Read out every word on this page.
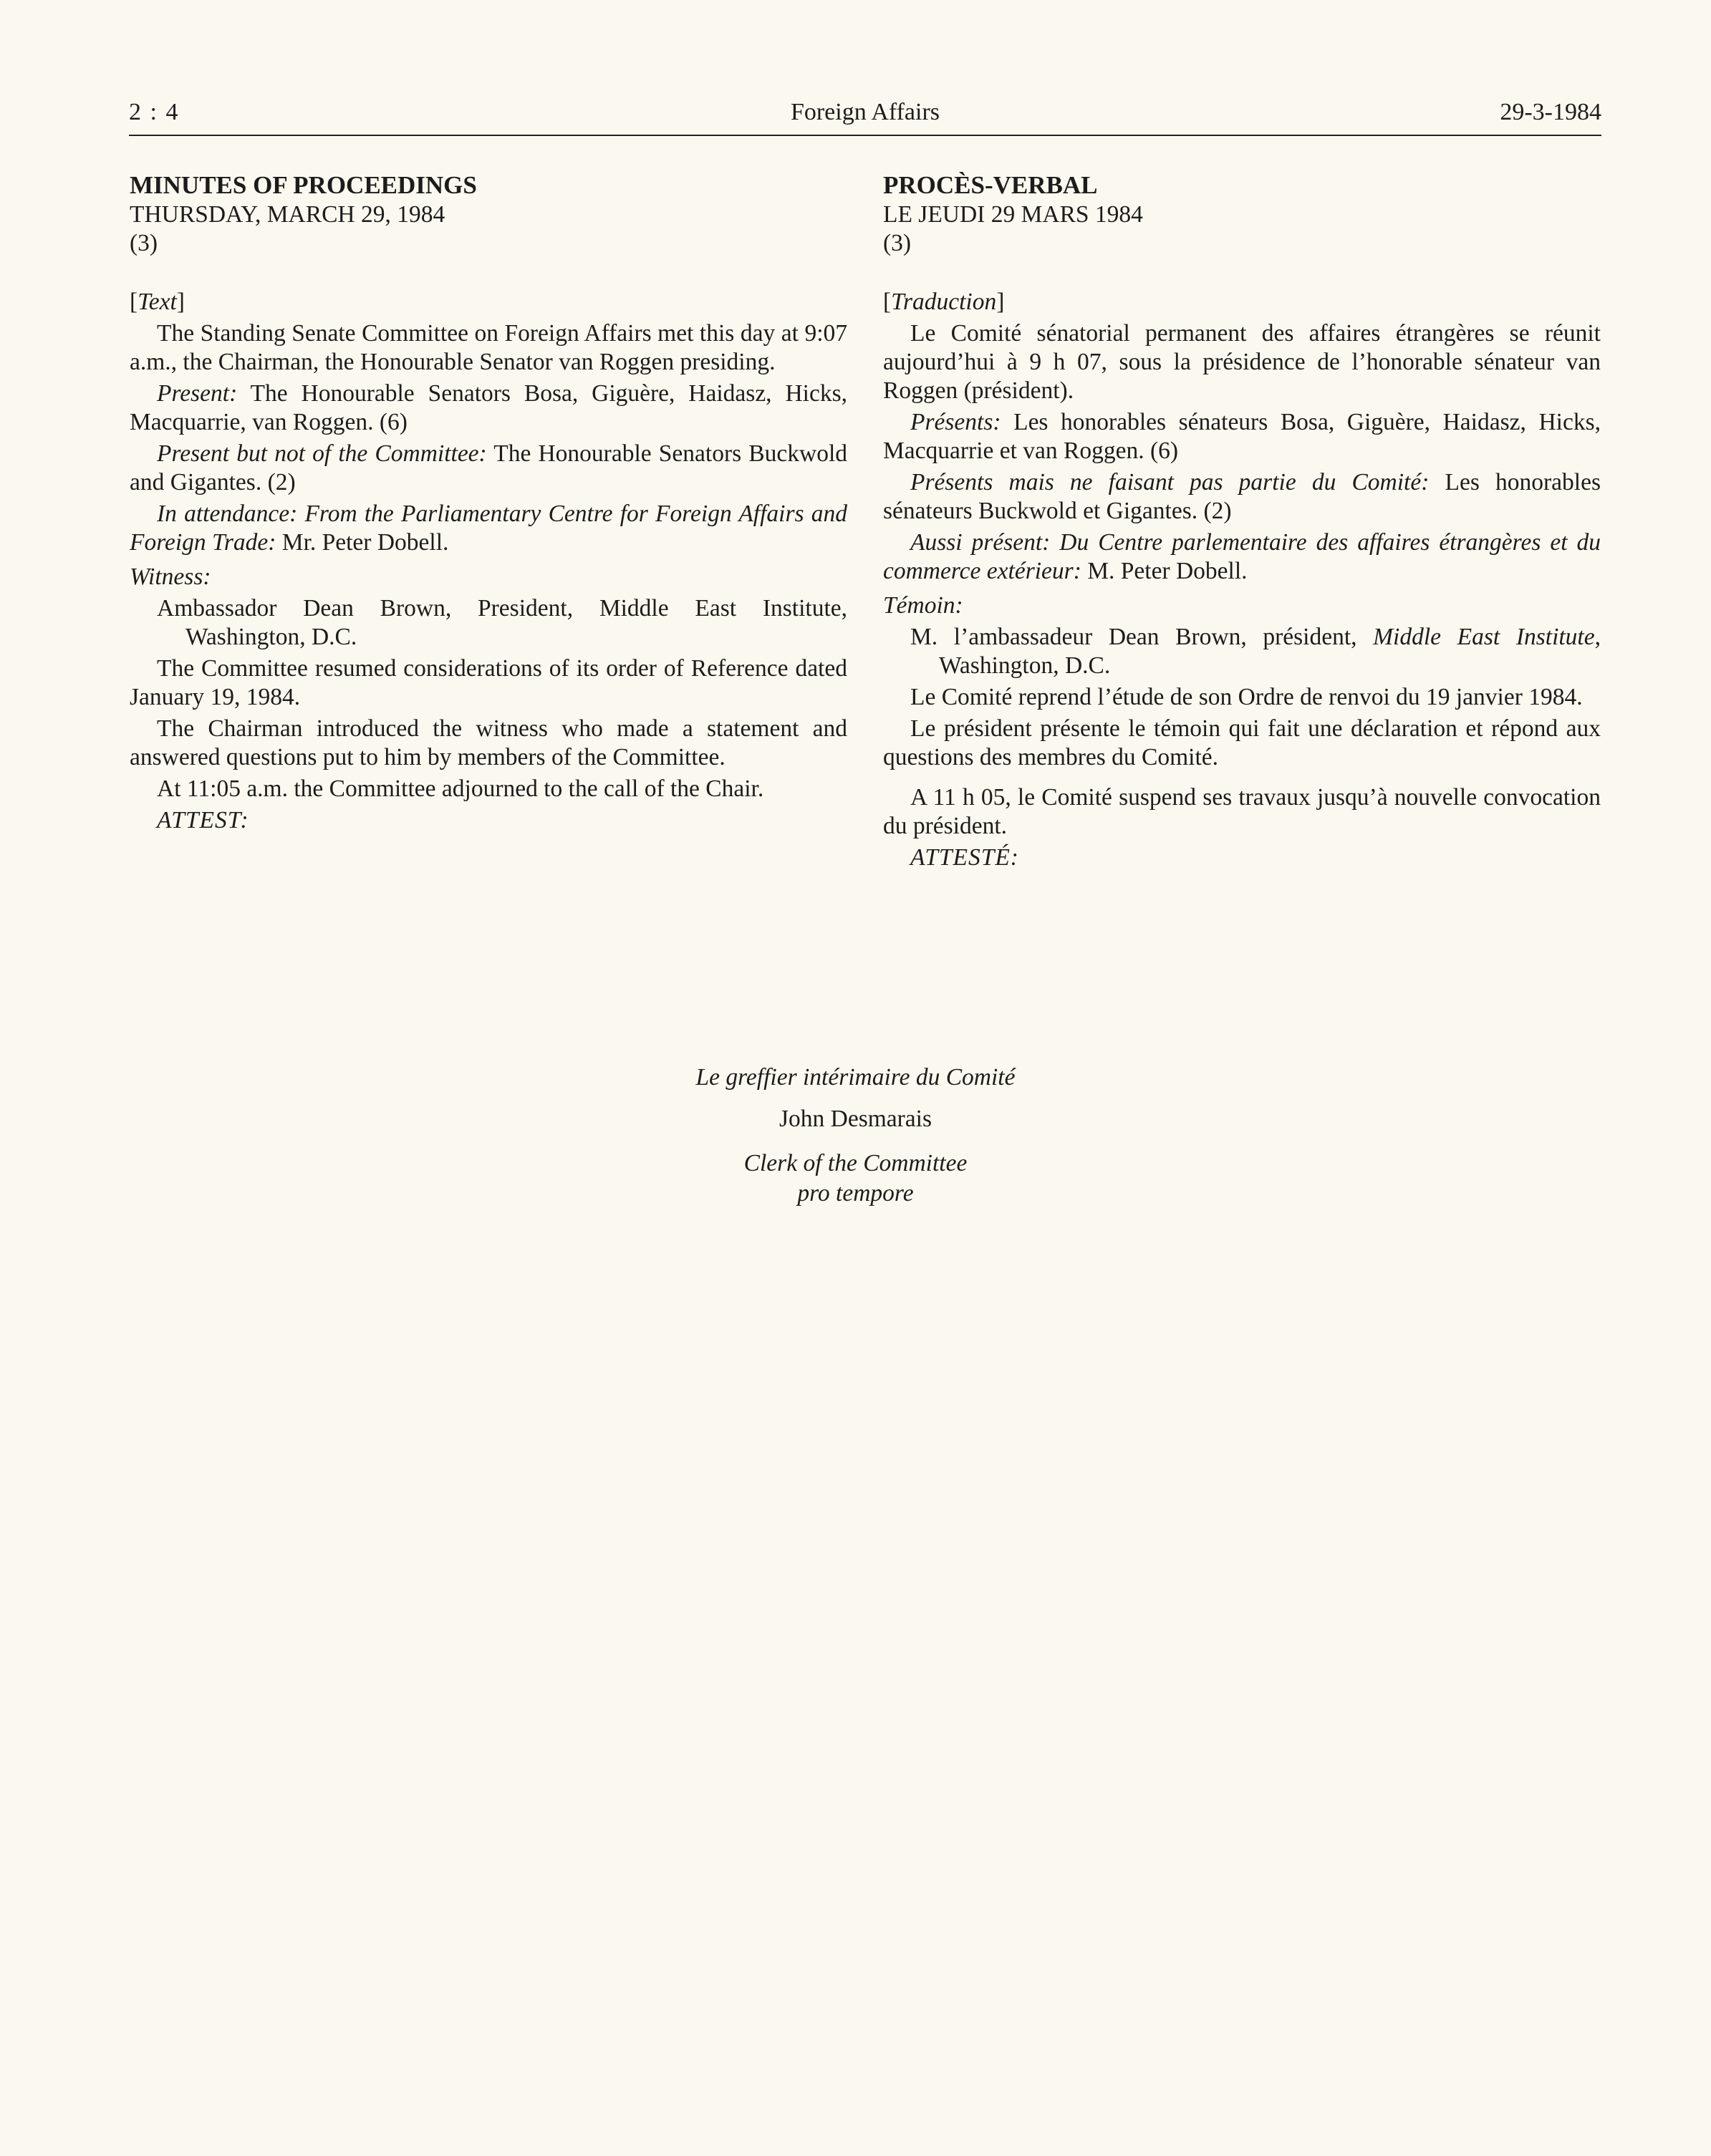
2 : 4	Foreign Affairs	29-3-1984

MINUTES OF PROCEEDINGS

THURSDAY, MARCH 29, 1984

(3)

[Text]

The Standing Senate Committee on Foreign Affairs met this day at 9:07 a.m., the Chairman, the Honourable Senator van Roggen presiding.

Present: The Honourable Senators Bosa, Giguère, Haidasz, Hicks, Macquarrie, van Roggen. (6)

Present but not of the Committee: The Honourable Senators Buckwold and Gigantes. (2)

In attendance: From the Parliamentary Centre for Foreign Affairs and Foreign Trade: Mr. Peter Dobell.

Witness:

Ambassador Dean Brown, President, Middle East Institute, Washington, D.C.

The Committee resumed considerations of its order of Reference dated January 19, 1984.

The Chairman introduced the witness who made a statement and answered questions put to him by members of the Committee.

At 11:05 a.m. the Committee adjourned to the call of the Chair.

ATTEST:

PROCÈS-VERBAL

LE JEUDI 29 MARS 1984

(3)

[Traduction]

Le Comité sénatorial permanent des affaires étrangères se réunit aujourd’hui à 9 h 07, sous la présidence de l’honorable sénateur van Roggen (président).

Présents: Les honorables sénateurs Bosa, Giguère, Haidasz, Hicks, Macquarrie et van Roggen. (6)

Présents mais ne faisant pas partie du Comité: Les honorables sénateurs Buckwold et Gigantes. (2)

Aussi présent: Du Centre parlementaire des affaires étrangères et du commerce extérieur: M. Peter Dobell.

Témoin:

M. l’ambassadeur Dean Brown, président, Middle East Institute, Washington, D.C.

Le Comité reprend l’étude de son Ordre de renvoi du 19 janvier 1984.

Le président présente le témoin qui fait une déclaration et répond aux questions des membres du Comité.

A 11 h 05, le Comité suspend ses travaux jusqu’à nouvelle convocation du président.

ATTESTÉ:

Le greffier intérimaire du Comité

John Desmarais

Clerk of the Committee

pro tempore
